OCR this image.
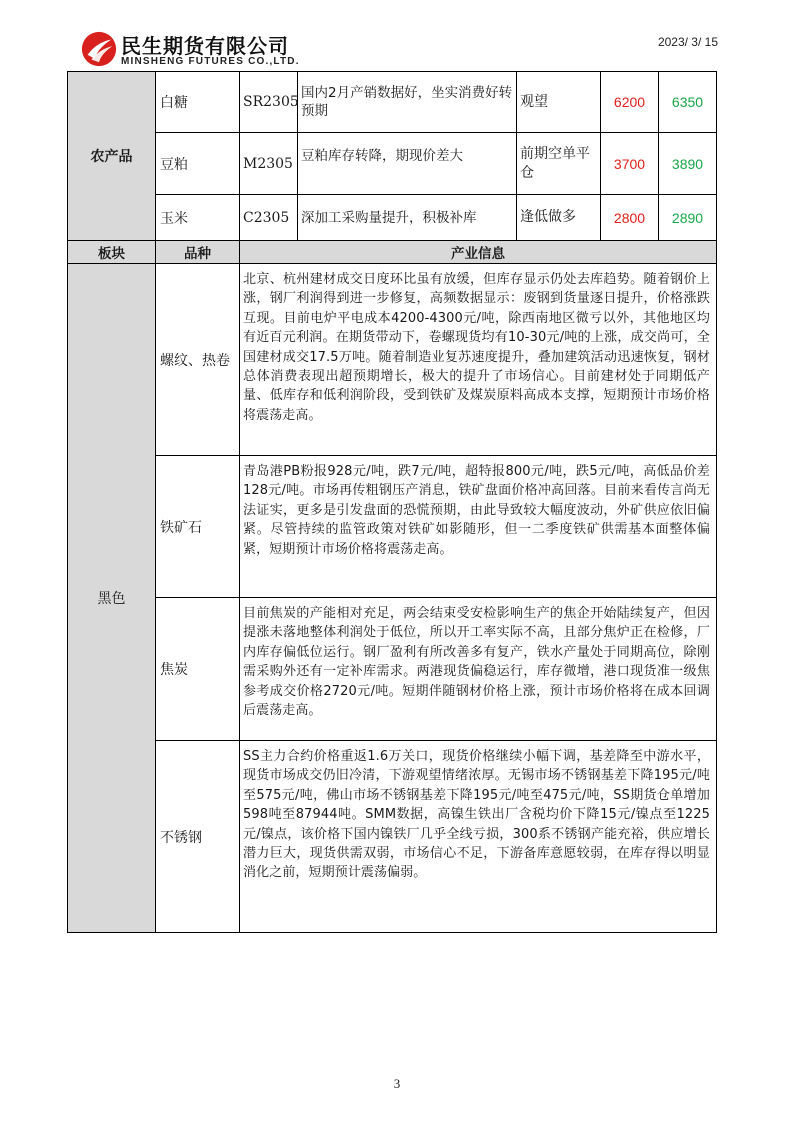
民生期货有限公司
MINSHENG FUTURES CO.,LTD.
2023/ 3/ 15
农产品	白糖	SR2305	国内2月产销数据好，坐实消费好转预期	观望	6200	6350
	豆粕	M2305	豆粕库存转降，期现价差大	前期空单平仓	3700	3890
	玉米	C2305	深加工采购量提升，积极补库	逢低做多	2800	2890
板块	品种	产业信息				
黑色	螺纹、热卷	北京、杭州建材成交日度环比虽有放缓，但库存显示仍处去库趋势。随着钢价上涨，钢厂利润得到进一步修复，高频数据显示：废钢到货量逐日提升，价格涨跌互现。目前电炉平电成本4200-4300元/吨，除西南地区微亏以外，其他地区均有近百元利润。在期货带动下，卷螺现货均有10-30元/吨的上涨，成交尚可，全国建材成交17.5万吨。随着制造业复苏速度提升，叠加建筑活动迅速恢复，钢材总体消费表现出超预期增长，极大的提升了市场信心。目前建材处于同期低产量、低库存和低利润阶段，受到铁矿及煤炭原料高成本支撑，短期预计市场价格将震荡走高。				
	铁矿石	青岛港PB粉报928元/吨，跌7元/吨，超特报800元/吨，跌5元/吨，高低品价差128元/吨。市场再传粗钢压产消息，铁矿盘面价格冲高回落。目前来看传言尚无法证实，更多是引发盘面的恐慌预期，由此导致较大幅度波动，外矿供应依旧偏紧。尽管持续的监管政策对铁矿如影随形，但一二季度铁矿供需基本面整体偏紧，短期预计市场价格将震荡走高。				
	焦炭	目前焦炭的产能相对充足，两会结束受安检影响生产的焦企开始陆续复产，但因提涨未落地整体利润处于低位，所以开工率实际不高，且部分焦炉正在检修，厂内库存偏低位运行。钢厂盈利有所改善多有复产，铁水产量处于同期高位，除刚需采购外还有一定补库需求。两港现货偏稳运行，库存微增，港口现货准一级焦参考成交价格2720元/吨。短期伴随钢材价格上涨，预计市场价格将在成本回调后震荡走高。				
	不锈钢	SS主力合约价格重返1.6万关口，现货价格继续小幅下调，基差降至中游水平，现货市场成交仍旧冷清，下游观望情绪浓厚。无锡市场不锈钢基差下降195元/吨至575元/吨，佛山市场不锈钢基差下降195元/吨至475元/吨，SS期货仓单增加598吨至87944吨。SMM数据，高镍生铁出厂含税均价下降15元/镍点至1225元/镍点，该价格下国内镍铁厂几乎全线亏损，300系不锈钢产能充裕，供应增长潜力巨大，现货供需双弱，市场信心不足，下游备库意愿较弱，在库存得以明显消化之前，短期预计震荡偏弱。				
3
